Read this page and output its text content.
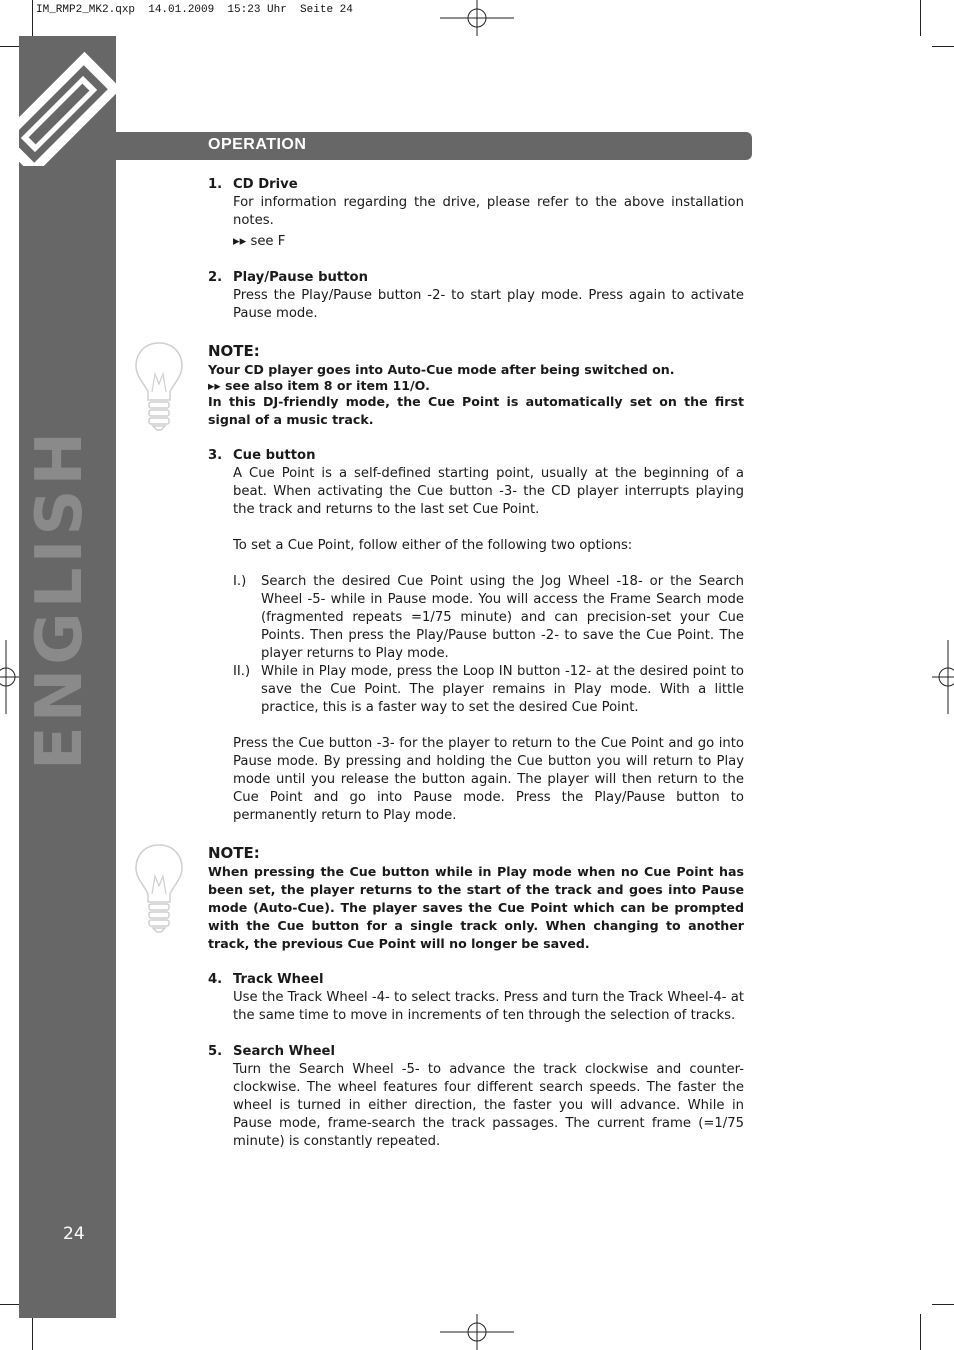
IM_RMP2_MK2.qxp  14.01.2009  15:23 Uhr  Seite 24
24
OPERATION
1. CD Drive
For information regarding the drive, please refer to the above installation notes.
▸▸ see F
2. Play/Pause button
Press the Play/Pause button -2- to start play mode. Press again to activate Pause mode.
NOTE:
Your CD player goes into Auto-Cue mode after being switched on.
▸▸ see also item 8 or item 11/O.
In this DJ-friendly mode, the Cue Point is automatically set on the first signal of a music track.
3. Cue button
A Cue Point is a self-defined starting point, usually at the beginning of a beat. When activating the Cue button -3- the CD player interrupts playing the track and returns to the last set Cue Point.
To set a Cue Point, follow either of the following two options:
I.) Search the desired Cue Point using the Jog Wheel -18- or the Search Wheel -5- while in Pause mode. You will access the Frame Search mode (fragmented repeats =1/75 minute) and can precision-set your Cue Points. Then press the Play/Pause button -2- to save the Cue Point. The player returns to Play mode.
II.) While in Play mode, press the Loop IN button -12- at the desired point to save the Cue Point. The player remains in Play mode. With a little practice, this is a faster way to set the desired Cue Point.
Press the Cue button -3- for the player to return to the Cue Point and go into Pause mode. By pressing and holding the Cue button you will return to Play mode until you release the button again. The player will then return to the Cue Point and go into Pause mode. Press the Play/Pause button to permanently return to Play mode.
NOTE:
When pressing the Cue button while in Play mode when no Cue Point has been set, the player returns to the start of the track and goes into Pause mode (Auto-Cue). The player saves the Cue Point which can be prompted with the Cue button for a single track only. When changing to another track, the previous Cue Point will no longer be saved.
4. Track Wheel
Use the Track Wheel -4- to select tracks. Press and turn the Track Wheel-4- at the same time to move in increments of ten through the selection of tracks.
5. Search Wheel
Turn the Search Wheel -5- to advance the track clockwise and counter-clockwise. The wheel features four different search speeds. The faster the wheel is turned in either direction, the faster you will advance. While in Pause mode, frame-search the track passages. The current frame (=1/75 minute) is constantly repeated.
